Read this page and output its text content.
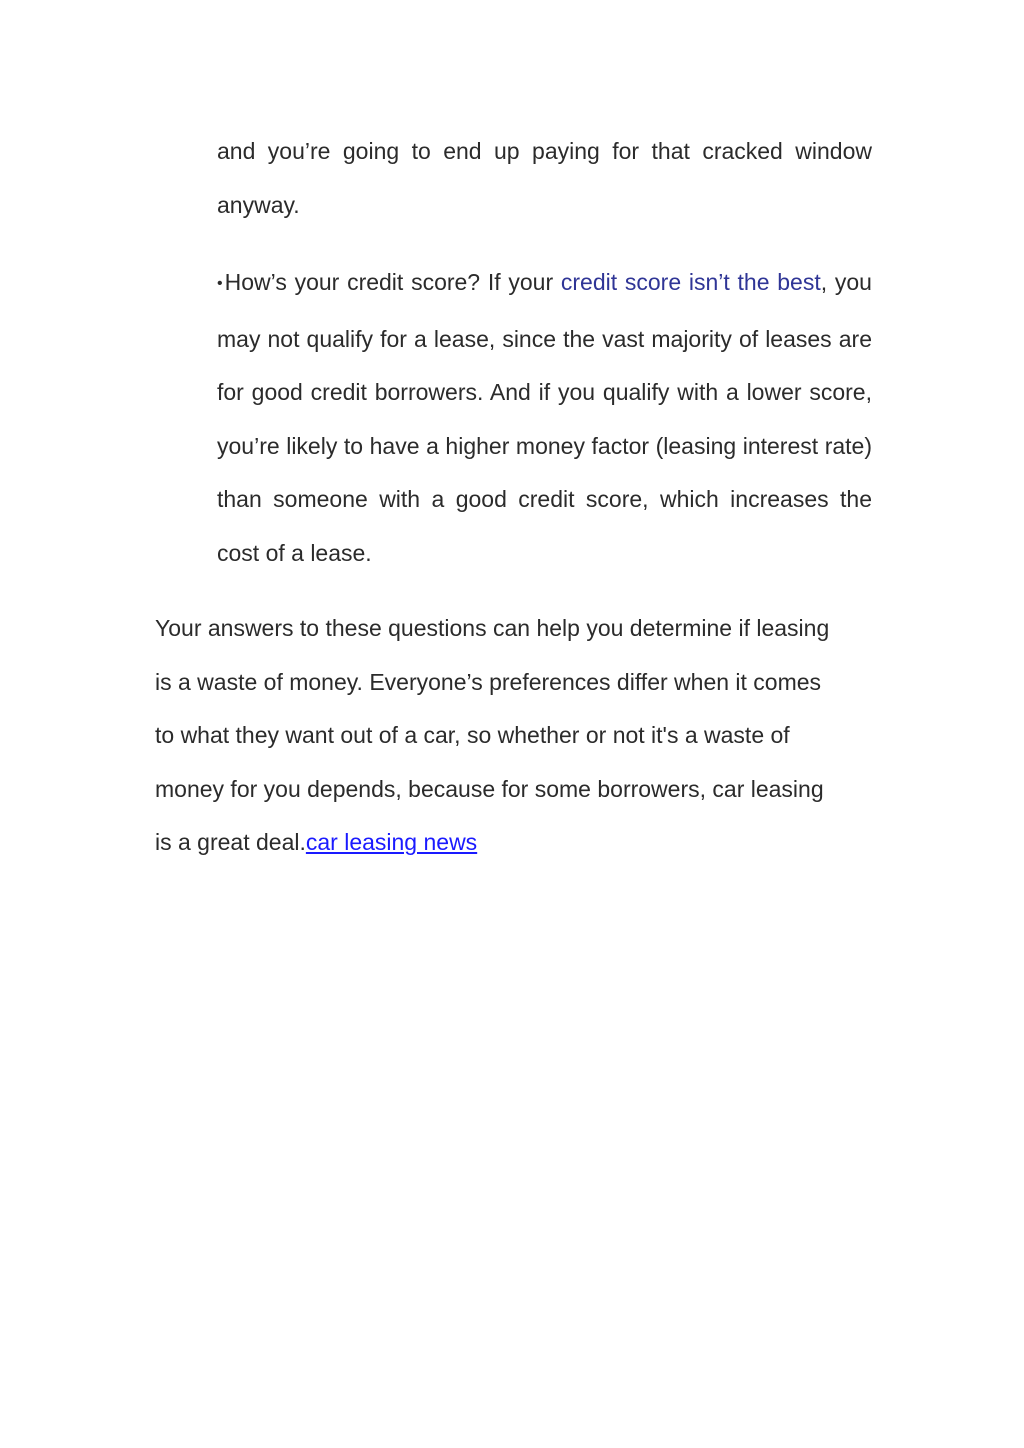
and you’re going to end up paying for that cracked window anyway.
•How’s your credit score? If your credit score isn’t the best, you may not qualify for a lease, since the vast majority of leases are for good credit borrowers. And if you qualify with a lower score, you’re likely to have a higher money factor (leasing interest rate) than someone with a good credit score, which increases the cost of a lease.
Your answers to these questions can help you determine if leasing
is a waste of money. Everyone’s preferences differ when it comes
to what they want out of a car, so whether or not it's a waste of
money for you depends, because for some borrowers, car leasing
is a great deal.car leasing news
